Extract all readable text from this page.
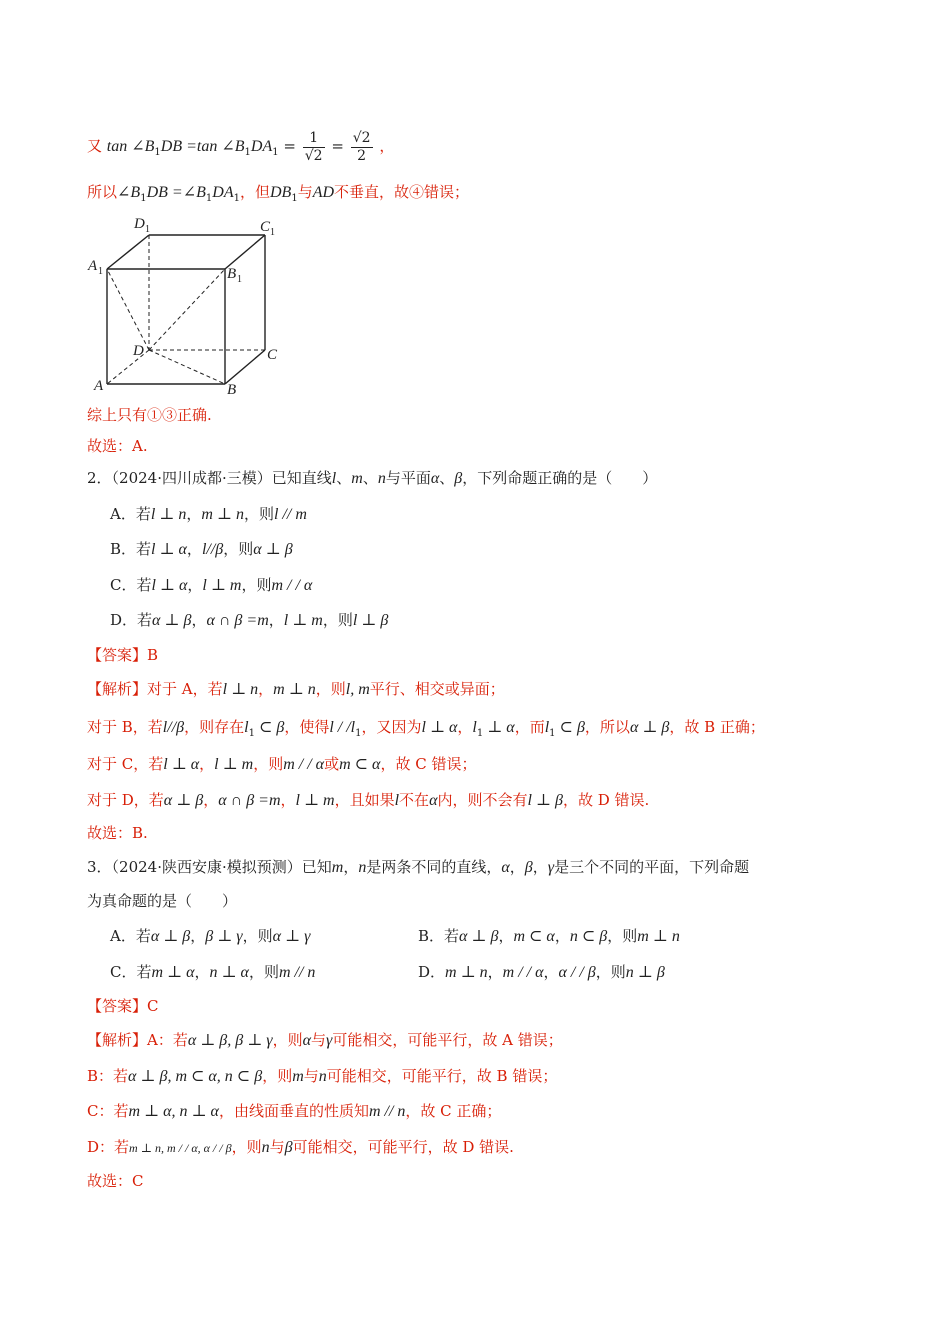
又 $\tan \angle B_1DB =\tan$ $\angle B_1DA_1 = \frac{1}{√2} = \frac{√2}{2}$ ，
所以$\angle B_1DB$ $=\angle B_1DA_1$，但$DB_1$与AD不垂直，故④错误；
D 1	C 1
A 1	B 1
D	C
A	B
综上只有①③正确.
故选：A.
2．（2024·四川成都·三模）已知直线l、m、n与平面α、β，下列命题正确的是（　　）
A．若l ⊥ n，m ⊥ n，则l // m
B．若l ⊥ α，l//β，则α ⊥ β
C．若l ⊥ α，l ⊥ m，则m / / α
D．若α ⊥ β，α ∩ β =m，l ⊥ m，则l ⊥ β
【答案】B
【解析】对于 A，若l ⊥ n，m ⊥ n，则l, m平行、相交或异面；
对于 B，若l//β，则存在$l_1$ ⊂ β，使得l / $/l_1$，又因为l ⊥ α，$l_1$ ⊥ α，而$l_1$ ⊂ β，所以α ⊥ β，故 B 正确；
对于 C，若l ⊥ α，l ⊥ m，则m / / α或m ⊂ α，故 C 错误；
对于 D，若α ⊥ β，α ∩ β =m，l ⊥ m，且如果l不在α内，则不会有l ⊥ β，故 D 错误.
故选：B.
3．（2024·陕西安康·模拟预测）已知m，n是两条不同的直线，α，β，γ是三个不同的平面，下列命题
为真命题的是（　　）
A．若α ⊥ β，β ⊥ γ，则α ⊥ γ	B．若α ⊥ β，m ⊂ α，n ⊂ β，则m ⊥ n
C．若m ⊥ α，n ⊥ α，则m // n	D．m ⊥ n，m / / α，α / / β，则n ⊥ β
【答案】C
【解析】A：若α ⊥ β, β ⊥ γ，则α与γ可能相交，可能平行，故 A 错误；
B：若α ⊥ β, m ⊂ α, n ⊂ β，则m与n可能相交，可能平行，故 B 错误；
C：若m ⊥ α, n ⊥ α，由线面垂直的性质知m // n，故 C 正确；
D：若m ⊥ n, m / / α, α / / β，则n与β可能相交，可能平行，故 D 错误.
故选：C
